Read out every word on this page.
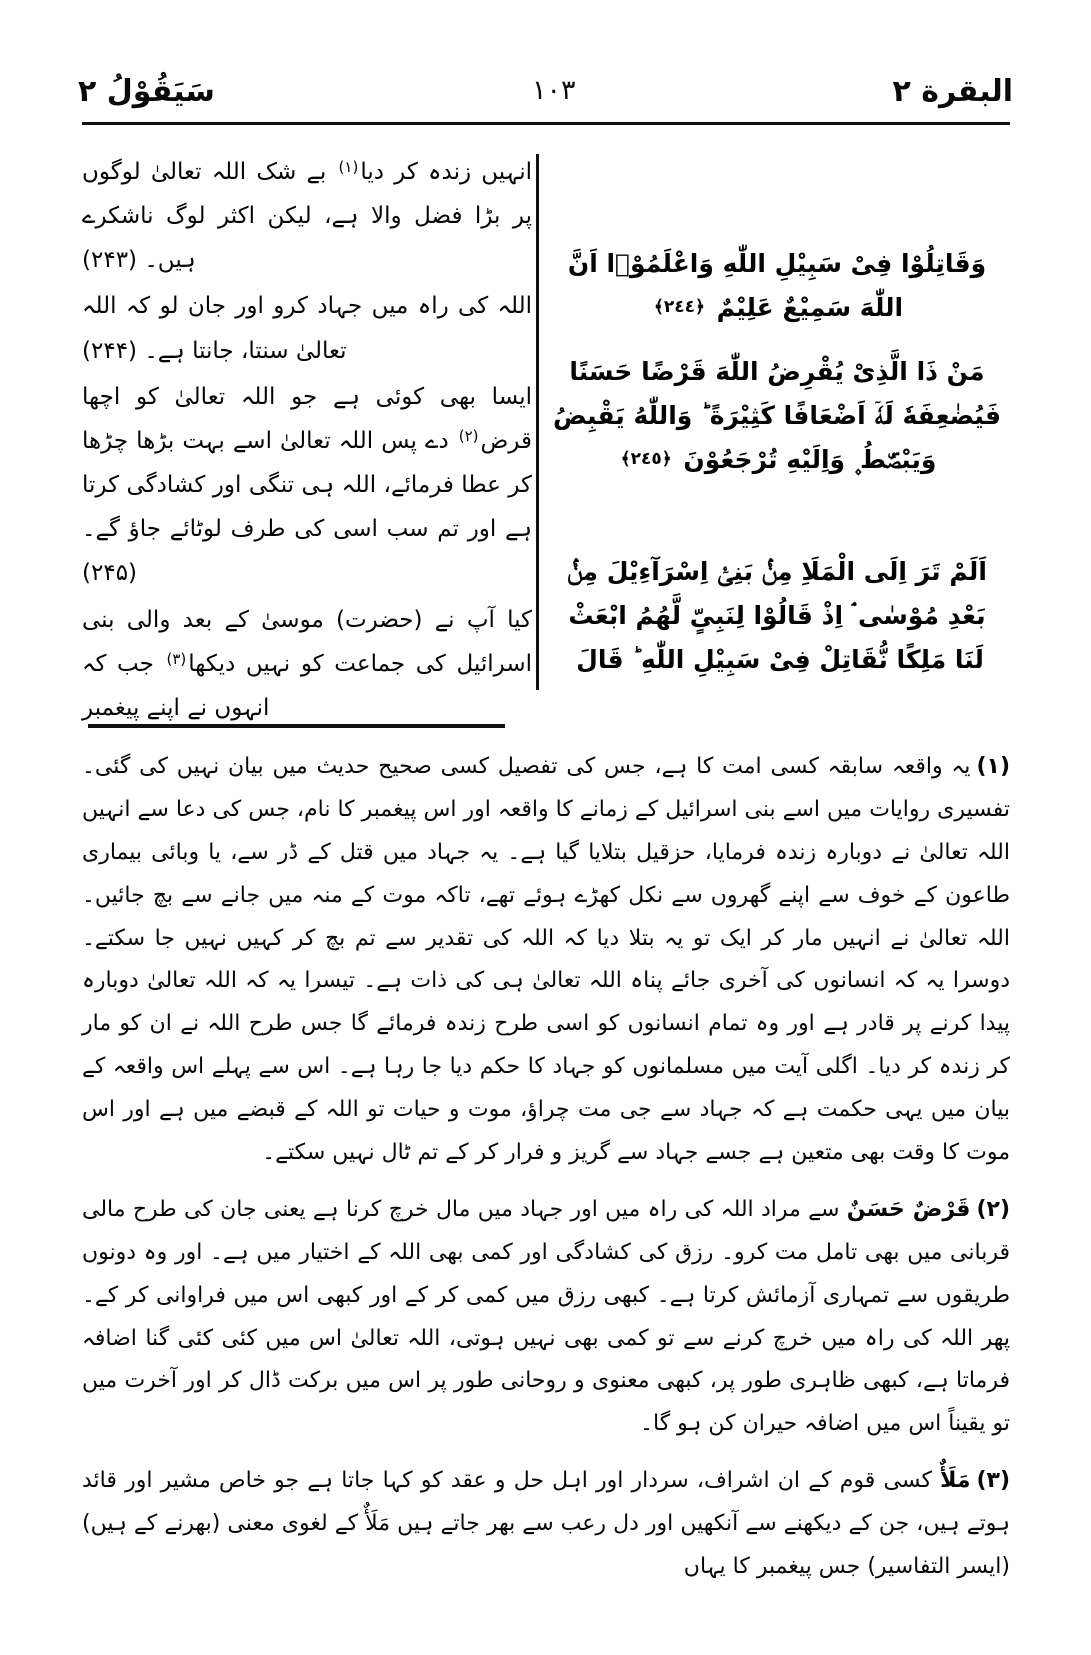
سَیَقُوْلُ ٢	١٠٣	البقرة ٢
وَقَاتِلُوْا فِیْ سَبِیْلِ اللّٰهِ وَاعْلَمُوْۤا اَنَّ اللّٰهَ سَمِیْعٌ عَلِیْمٌ ﴿٢٤٤﴾
مَنْ ذَا الَّذِیْ یُقْرِضُ اللّٰهَ قَرْضًا حَسَنًا فَیُضٰعِفَهٗ لَهٗۤ اَضْعَافًا كَثِیْرَةً ؕ وَاللّٰهُ یَقْبِضُ وَیَبْصُۜطُ ۪ وَاِلَیْهِ تُرْجَعُوْنَ ﴿٢٤٥﴾
اَلَمْ تَرَ اِلَی الْمَلَاِ مِنْۢ بَنِیْۤ اِسْرَآءِیْلَ مِنْۢ بَعْدِ مُوْسٰی ۘ اِذْ قَالُوْا لِنَبِیٍّ لَّهُمُ ابْعَثْ لَنَا مَلِكًا نُّقَاتِلْ فِیْ سَبِیْلِ اللّٰهِ ؕ قَالَ

انہیں زندہ کر دیا$^{(۱)}$ بے شک اللہ تعالیٰ لوگوں پر بڑا فضل والا ہے، لیکن اکثر لوگ ناشکرے ہیں۔ (۲۴۳)

اللہ کی راہ میں جہاد کرو اور جان لو کہ اللہ تعالیٰ سنتا، جانتا ہے۔ (۲۴۴)

ایسا بھی کوئی ہے جو اللہ تعالیٰ کو اچھا قرض$^{(۲)}$ دے پس اللہ تعالیٰ اسے بہت بڑھا چڑھا کر عطا فرمائے، اللہ ہی تنگی اور کشادگی کرتا ہے اور تم سب اسی کی طرف لوٹائے جاؤ گے۔ (۲۴۵)

کیا آپ نے (حضرت) موسیٰ کے بعد والی بنی اسرائیل کی جماعت کو نہیں دیکھا$^{(۳)}$ جب کہ انہوں نے اپنے پیغمبر

(۱)یہ واقعہ سابقہ کسی امت کا ہے، جس کی تفصیل کسی صحیح حدیث میں بیان نہیں کی گئی۔ تفسیری روایات میں اسے بنی اسرائیل کے زمانے کا واقعہ اور اس پیغمبر کا نام، جس کی دعا سے انہیں اللہ تعالیٰ نے دوبارہ زندہ فرمایا، حزقیل بتلایا گیا ہے۔ یہ جہاد میں قتل کے ڈر سے، یا وبائی بیماری طاعون کے خوف سے اپنے گھروں سے نکل کھڑے ہوئے تھے، تاکہ موت کے منہ میں جانے سے بچ جائیں۔ اللہ تعالیٰ نے انہیں مار کر ایک تو یہ بتلا دیا کہ اللہ کی تقدیر سے تم بچ کر کہیں نہیں جا سکتے۔ دوسرا یہ کہ انسانوں کی آخری جائے پناہ اللہ تعالیٰ ہی کی ذات ہے۔ تیسرا یہ کہ اللہ تعالیٰ دوبارہ پیدا کرنے پر قادر ہے اور وہ تمام انسانوں کو اسی طرح زندہ فرمائے گا جس طرح اللہ نے ان کو مار کر زندہ کر دیا۔ اگلی آیت میں مسلمانوں کو جہاد کا حکم دیا جا رہا ہے۔ اس سے پہلے اس واقعہ کے بیان میں یہی حکمت ہے کہ جہاد سے جی مت چراؤ، موت و حیات تو اللہ کے قبضے میں ہے اور اس موت کا وقت بھی متعین ہے جسے جہاد سے گریز و فرار کر کے تم ٹال نہیں سکتے۔

(۲)قَرْضٌ حَسَنٌ سے مراد اللہ کی راہ میں اور جہاد میں مال خرچ کرنا ہے یعنی جان کی طرح مالی قربانی میں بھی تامل مت کرو۔ رزق کی کشادگی اور کمی بھی اللہ کے اختیار میں ہے۔ اور وہ دونوں طریقوں سے تمہاری آزمائش کرتا ہے۔ کبھی رزق میں کمی کر کے اور کبھی اس میں فراوانی کر کے۔ پھر اللہ کی راہ میں خرچ کرنے سے تو کمی بھی نہیں ہوتی، اللہ تعالیٰ اس میں کئی کئی گنا اضافہ فرماتا ہے، کبھی ظاہری طور پر، کبھی معنوی و روحانی طور پر اس میں برکت ڈال کر اور آخرت میں تو یقیناً اس میں اضافہ حیران کن ہو گا۔

(۳)مَلَأٌ کسی قوم کے ان اشراف، سردار اور اہل حل و عقد کو کہا جاتا ہے جو خاص مشیر اور قائد ہوتے ہیں، جن کے دیکھنے سے آنکھیں اور دل رعب سے بھر جاتے ہیں مَلَأٌ کے لغوی معنی (بھرنے کے ہیں) (ایسر التفاسیر) جس پیغمبر کا یہاں
